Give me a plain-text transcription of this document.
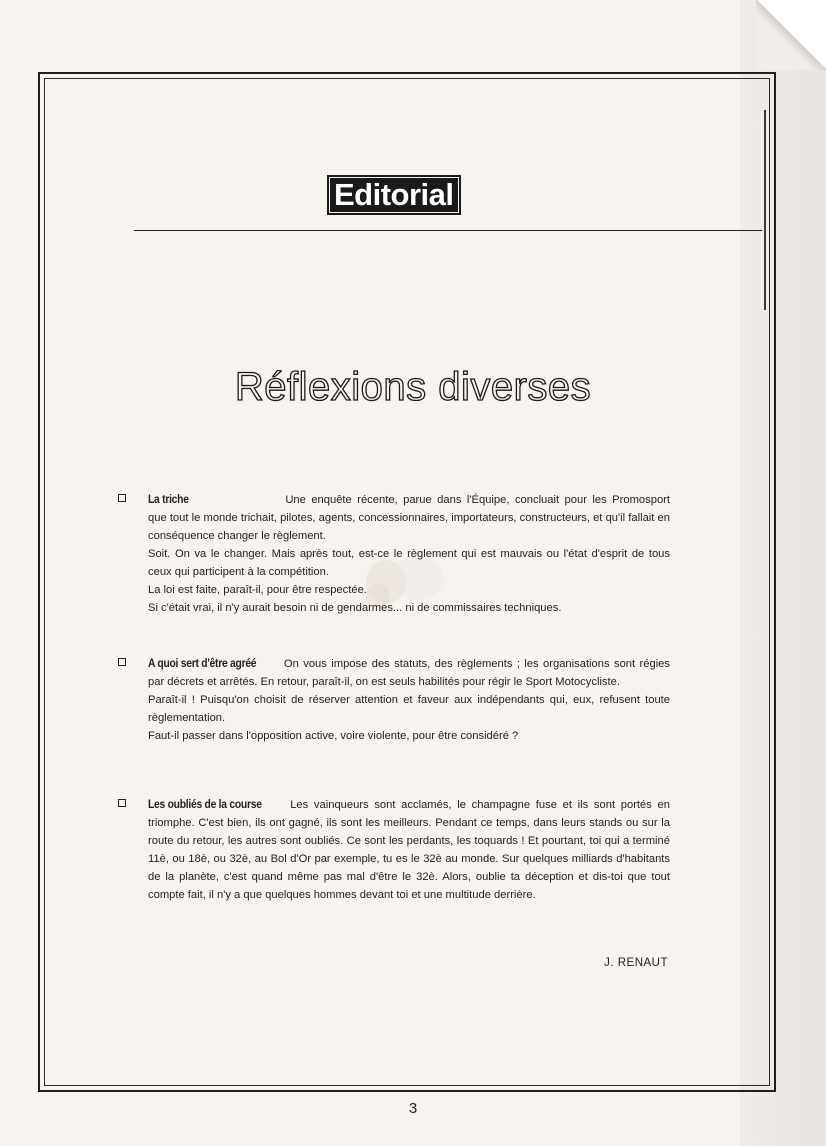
Editorial
Réflexions diverses

La triche	Une enquête récente, parue dans l'Équipe, concluait pour les Promosport que tout le monde trichait, pilotes, agents, concessionnaires, importateurs, constructeurs, et qu'il fallait en conséquence changer le règlement.

Soit. On va le changer. Mais après tout, est-ce le règlement qui est mauvais ou l'état d'esprit de tous ceux qui participent à la compétition.

La loi est faite, paraît-il, pour être respectée.

Si c'était vrai, il n'y aurait besoin ni de gendarmes... ni de commissaires techniques.

A quoi sert d'être agréé On vous impose des statuts, des règlements ; les organisations sont régies par décrets et arrêtés. En retour, paraît-il, on est seuls habilités pour régir le Sport Motocycliste.

Paraît-il ! Puisqu'on choisit de réserver attention et faveur aux indépendants qui, eux, refusent toute règlementation.

Faut-il passer dans l'opposition active, voire violente, pour être considéré ?

Les oubliés de la course	Les vainqueurs sont acclamés, le champagne fuse et ils sont portés en triomphe. C'est bien, ils ont gagné, ils sont les meilleurs. Pendant ce temps, dans leurs stands ou sur la route du retour, les autres sont oubliés. Ce sont les perdants, les toquards ! Et pourtant, toi qui a terminé 11è, ou 18è, ou 32è, au Bol d'Or par exemple, tu es le 32è au monde. Sur quelques milliards d'habitants de la planète, c'est quand même pas mal d'être le 32è. Alors, oublie ta déception et dis-toi que tout compte fait, il n'y a que quelques hommes devant toi et une multitude derrière.

J. RENAUT
3
